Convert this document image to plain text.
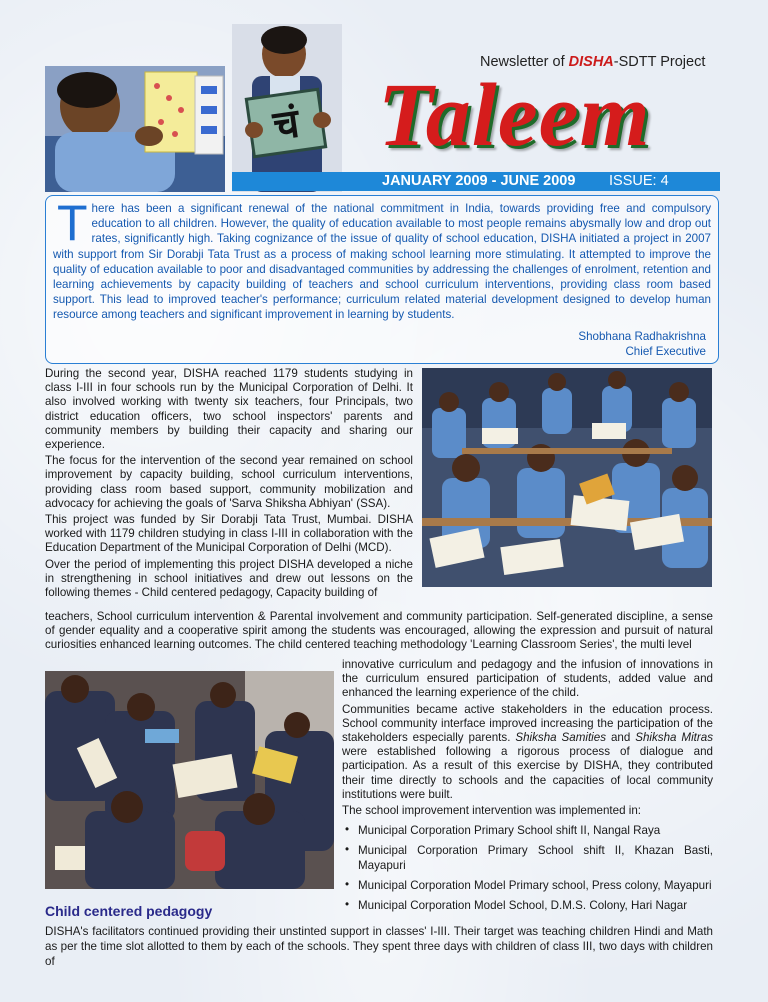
चं
Newsletter of DISHA-SDTT Project
Taleem
JANUARY 2009 - JUNE 2009 ISSUE: 4
There has been a significant renewal of the national commitment in India, towards providing free and compulsory education to all children. However, the quality of education available to most people remains abysmally low and drop out rates, significantly high. Taking cognizance of the issue of quality of school education, DISHA initiated a project in 2007 with support from Sir Dorabji Tata Trust as a process of making school learning more stimulating. It attempted to improve the quality of education available to poor and disadvantaged communities by addressing the challenges of enrolment, retention and learning achievements by capacity building of teachers and school curriculum interventions, providing class room based support. This lead to improved teacher's performance; curriculum related material development designed to develop human resource among teachers and significant improvement in learning by students.
Shobhana Radhakrishna
Chief Executive

During the second year, DISHA reached 1179 students studying in class I-III in four schools run by the Municipal Corporation of Delhi. It also involved working with twenty six teachers, four Principals, two district education officers, two school inspectors' parents and community members by building their capacity and sharing our experience.

The focus for the intervention of the second year remained on school improvement by capacity building, school curriculum interventions, providing class room based support, community mobilization and advocacy for achieving the goals of 'Sarva Shiksha Abhiyan' (SSA).

This project was funded by Sir Dorabji Tata Trust, Mumbai. DISHA worked with 1179 children studying in class I-III in collaboration with the Education Department of the Municipal Corporation of Delhi (MCD).

Over the period of implementing this project DISHA developed a niche in strengthening in school initiatives and drew out lessons on the following themes - Child centered pedagogy, Capacity building of

teachers, School curriculum intervention & Parental involvement and community participation. Self-generated discipline, a sense of gender equality and a cooperative spirit among the students was encouraged, allowing the expression and pursuit of natural curiosities enhanced learning outcomes. The child centered teaching methodology 'Learning Classroom Series', the multi level

innovative curriculum and pedagogy and the infusion of innovations in the curriculum ensured participation of students, added value and enhanced the learning experience of the child.

Communities became active stakeholders in the education process. School community interface improved increasing the participation of the stakeholders especially parents. Shiksha Samities and Shiksha Mitras were established following a rigorous process of dialogue and participation. As a result of this exercise by DISHA, they contributed their time directly to schools and the capacities of local community institutions were built.

The school improvement intervention was implemented in:

• Municipal Corporation Primary School shift II, Nangal Raya
• Municipal Corporation Primary School shift II, Khazan Basti, Mayapuri
• Municipal Corporation Model Primary school, Press colony, Mayapuri
• Municipal Corporation Model School, D.M.S. Colony, Hari Nagar
Child centered pedagogy
DISHA's facilitators continued providing their unstinted support in classes' I-III. Their target was teaching children Hindi and Math as per the time slot allotted to them by each of the schools. They spent three days with children of class III, two days with children of
